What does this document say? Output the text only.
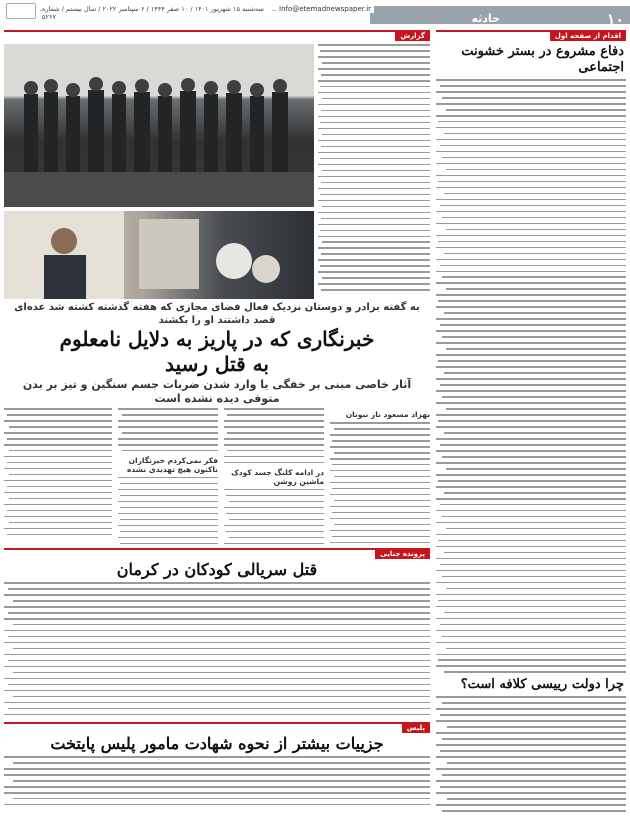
۱۰
حادثه
Info@etemadnewspaper.ir
سه‌شنبه ۱۵ شهریور ۱۴۰۱ / ۱۰ صفر ۱۴۴۴ / ۶ سپتامبر ۲۰۲۲ / سال بیستم / شماره ۵۲۶۷
اقدام از صفحه اول
دفاع مشروع در بستر خشونت اجتماعی
چرا دولت رییسی کلافه است؟
گزارش
به گفته برادر و دوستان نزدیک فعال فضای مجازی که هفته گذشته کشته شد عده‌ای قصد داشتند او را بکشند
خبرنگاری که در پاریز به دلایل نامعلوم
به قتل رسید
آثار خاصی مبنی بر خفگی یا وارد شدن ضربات جسم سنگین و تیز بر بدن متوفی دیده نشده است
بهزاد مسعود ناز نبوتان
در ادامه کلنگ جسد کودک ماشین روشن
فکر نمی‌کردم خبرنگاران ناکنون هیچ تهدیدی نشده
پرونده جنایی
قتل سریالی کودکان در کرمان
پلیس
جزییات بیشتر از نحوه شهادت مامور پلیس پایتخت
